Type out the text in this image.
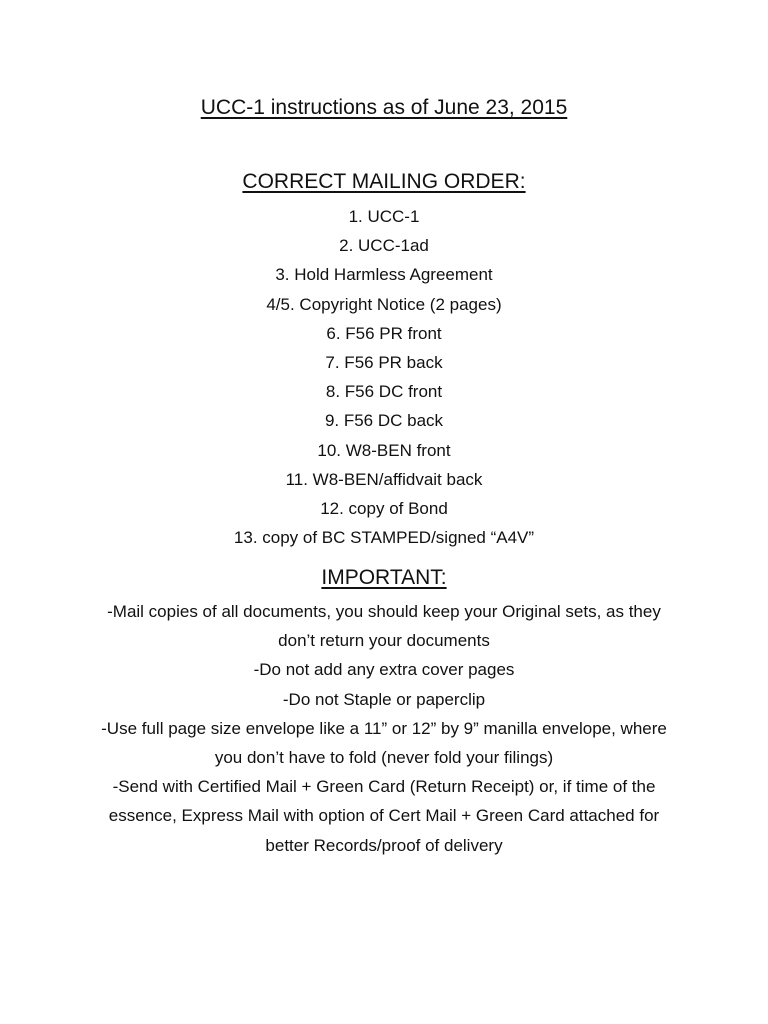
UCC-1 instructions as of June 23, 2015
CORRECT MAILING ORDER:
1. UCC-1
2. UCC-1ad
3. Hold Harmless Agreement
4/5. Copyright Notice (2 pages)
6. F56 PR front
7. F56 PR back
8. F56 DC front
9. F56 DC back
10. W8-BEN front
11. W8-BEN/affidvait back
12. copy of Bond
13. copy of BC STAMPED/signed “A4V”
IMPORTANT:

-Mail copies of all documents, you should keep your Original sets, as they don’t return your documents

-Do not add any extra cover pages

-Do not Staple or paperclip

-Use full page size envelope like a 11” or 12” by 9” manilla envelope, where you don’t have to fold (never fold your filings)

-Send with Certified Mail + Green Card (Return Receipt) or, if time of the essence, Express Mail with option of Cert Mail + Green Card attached for better Records/proof of delivery
